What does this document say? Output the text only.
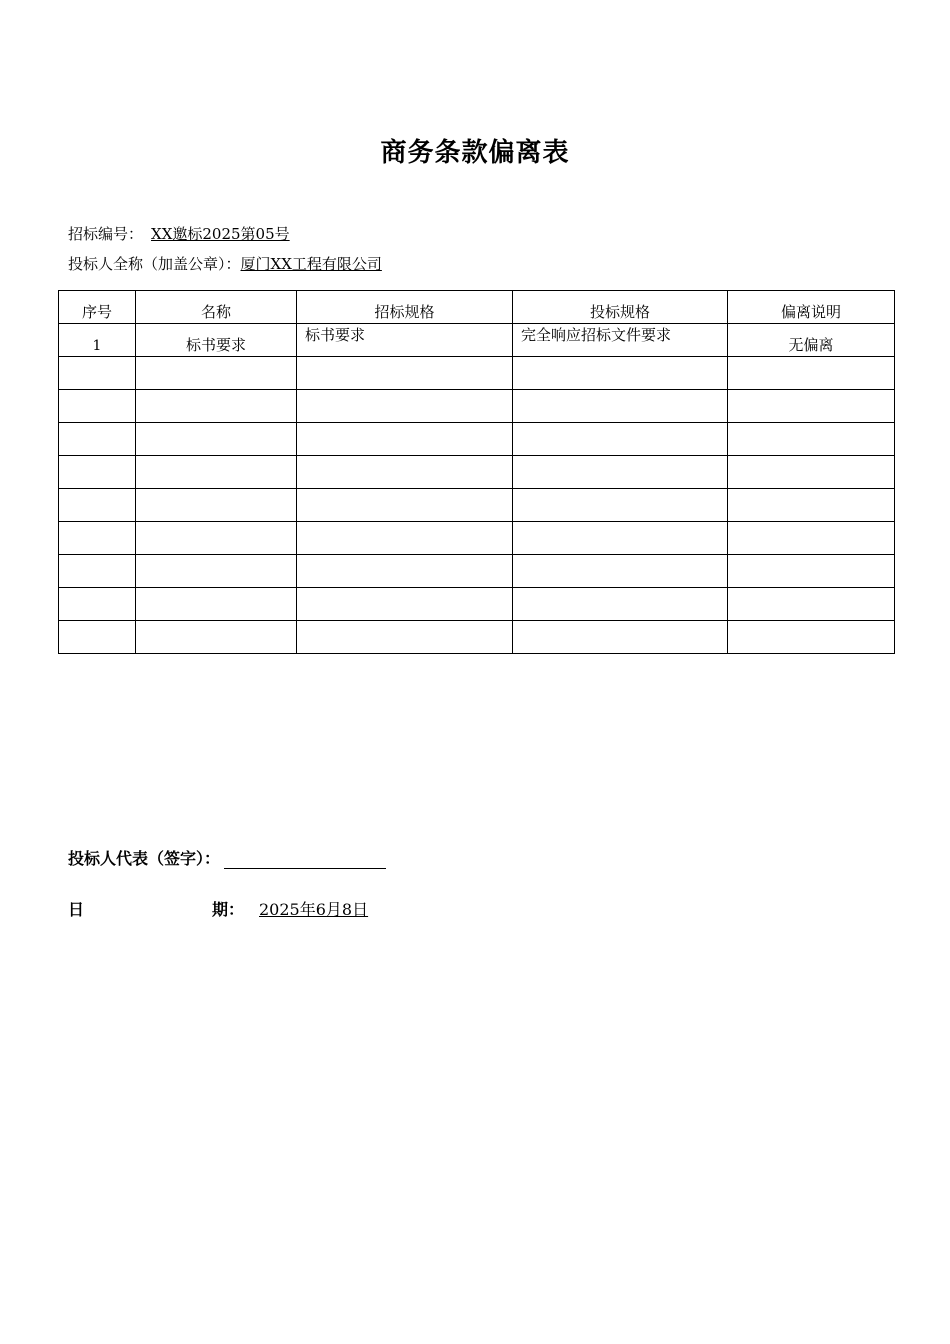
商务条款偏离表
招标编号： XX邀标2025第05号
投标人全称（加盖公章）：厦门XX工程有限公司
序号	名称	招标规格	投标规格	偏离说明
1	标书要求	标书要求	完全响应招标文件要求	无偏离

投标人代表（签字）：
日	期： 2025年6月8日
